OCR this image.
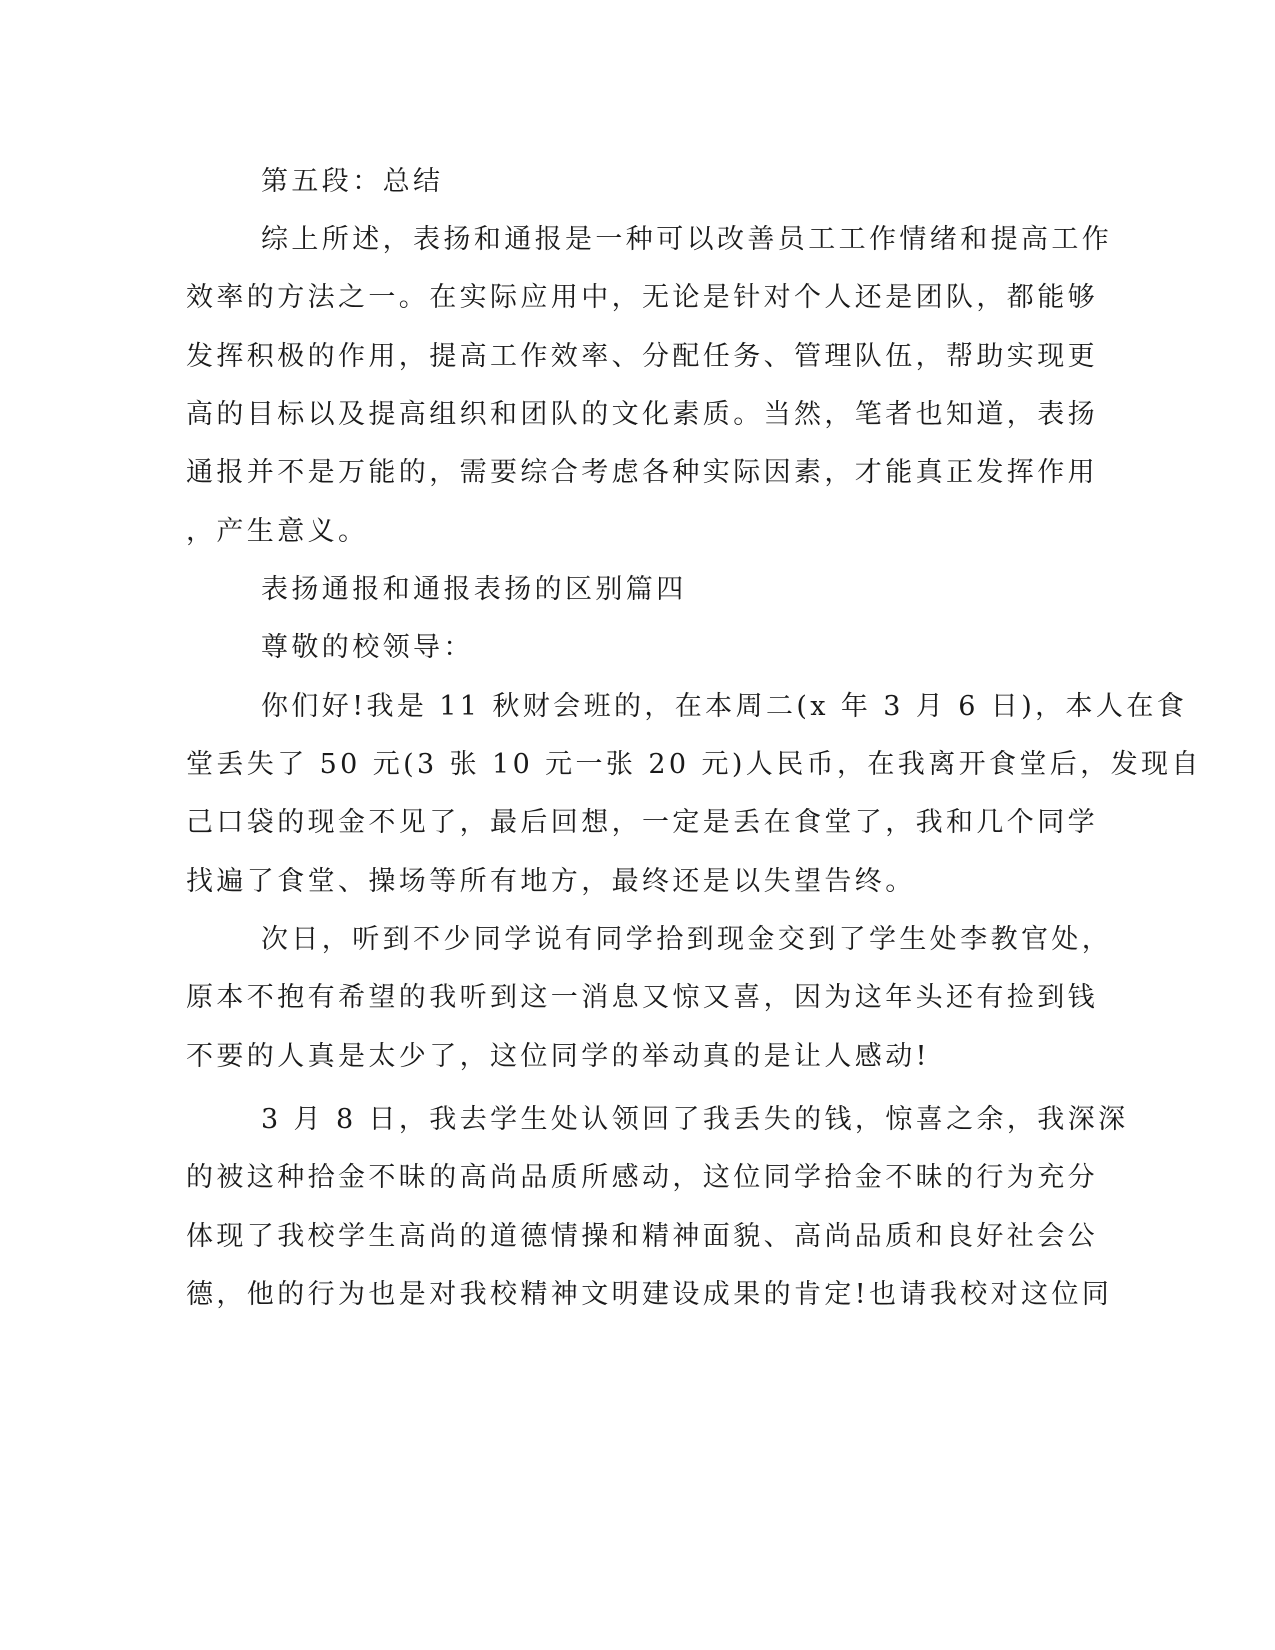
第五段：总结

综上所述，表扬和通报是一种可以改善员工工作情绪和提高工作

效率的方法之一。在实际应用中，无论是针对个人还是团队，都能够

发挥积极的作用，提高工作效率、分配任务、管理队伍，帮助实现更

高的目标以及提高组织和团队的文化素质。当然，笔者也知道，表扬

通报并不是万能的，需要综合考虑各种实际因素，才能真正发挥作用

，产生意义。

表扬通报和通报表扬的区别篇四

尊敬的校领导：

你们好!我是 11 秋财会班的，在本周二(x 年 3 月 6 日)，本人在食

堂丢失了 50 元(3 张 10 元一张 20 元)人民币，在我离开食堂后，发现自

己口袋的现金不见了，最后回想，一定是丢在食堂了，我和几个同学

找遍了食堂、操场等所有地方，最终还是以失望告终。

次日，听到不少同学说有同学拾到现金交到了学生处李教官处，

原本不抱有希望的我听到这一消息又惊又喜，因为这年头还有捡到钱

不要的人真是太少了，这位同学的举动真的是让人感动!

3 月 8 日，我去学生处认领回了我丢失的钱，惊喜之余，我深深

的被这种拾金不昧的高尚品质所感动，这位同学拾金不昧的行为充分

体现了我校学生高尚的道德情操和精神面貌、高尚品质和良好社会公

德，他的行为也是对我校精神文明建设成果的肯定!也请我校对这位同
